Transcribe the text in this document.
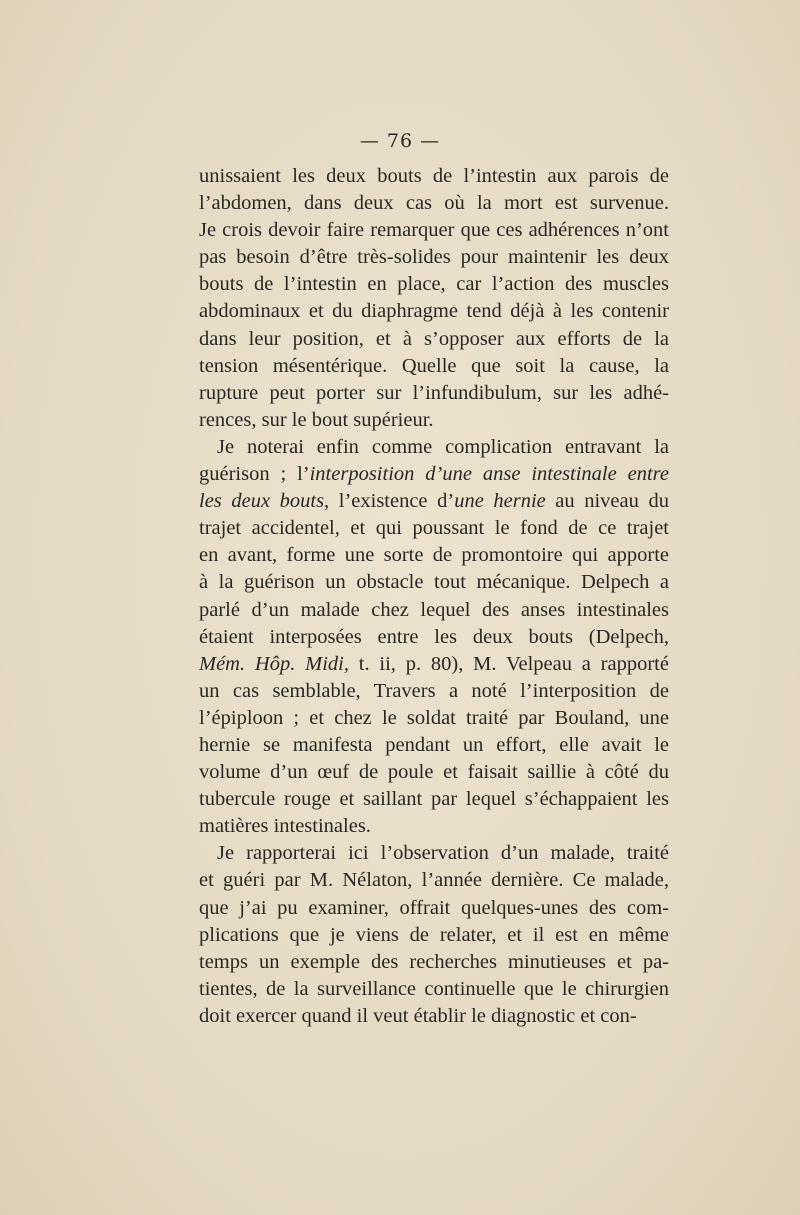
— 76 —
unissaient les deux bouts de l’intestin aux parois de
l’abdomen, dans deux cas où la mort est survenue.
Je crois devoir faire remarquer que ces adhérences n’ont
pas besoin d’être très-solides pour maintenir les deux
bouts de l’intestin en place, car l’action des muscles
abdominaux et du diaphragme tend déjà à les contenir
dans leur position, et à s’opposer aux efforts de la
tension mésentérique. Quelle que soit la cause, la
rupture peut porter sur l’infundibulum, sur les adhé-
rences, sur le bout supérieur.
Je noterai enfin comme complication entravant la
guérison ; l’interposition d’une anse intestinale entre
les deux bouts, l’existence d’une hernie au niveau du
trajet accidentel, et qui poussant le fond de ce trajet
en avant, forme une sorte de promontoire qui apporte
à la guérison un obstacle tout mécanique. Delpech a
parlé d’un malade chez lequel des anses intestinales
étaient interposées entre les deux bouts (Delpech,
Mém. Hôp. Midi, t. ii, p. 80), M. Velpeau a rapporté
un cas semblable, Travers a noté l’interposition de
l’épiploon ; et chez le soldat traité par Bouland, une
hernie se manifesta pendant un effort, elle avait le
volume d’un œuf de poule et faisait saillie à côté du
tubercule rouge et saillant par lequel s’échappaient les
matières intestinales.
Je rapporterai ici l’observation d’un malade, traité
et guéri par M. Nélaton, l’année dernière. Ce malade,
que j’ai pu examiner, offrait quelques-unes des com-
plications que je viens de relater, et il est en même
temps un exemple des recherches minutieuses et pa-
tientes, de la surveillance continuelle que le chirurgien
doit exercer quand il veut établir le diagnostic et con-
